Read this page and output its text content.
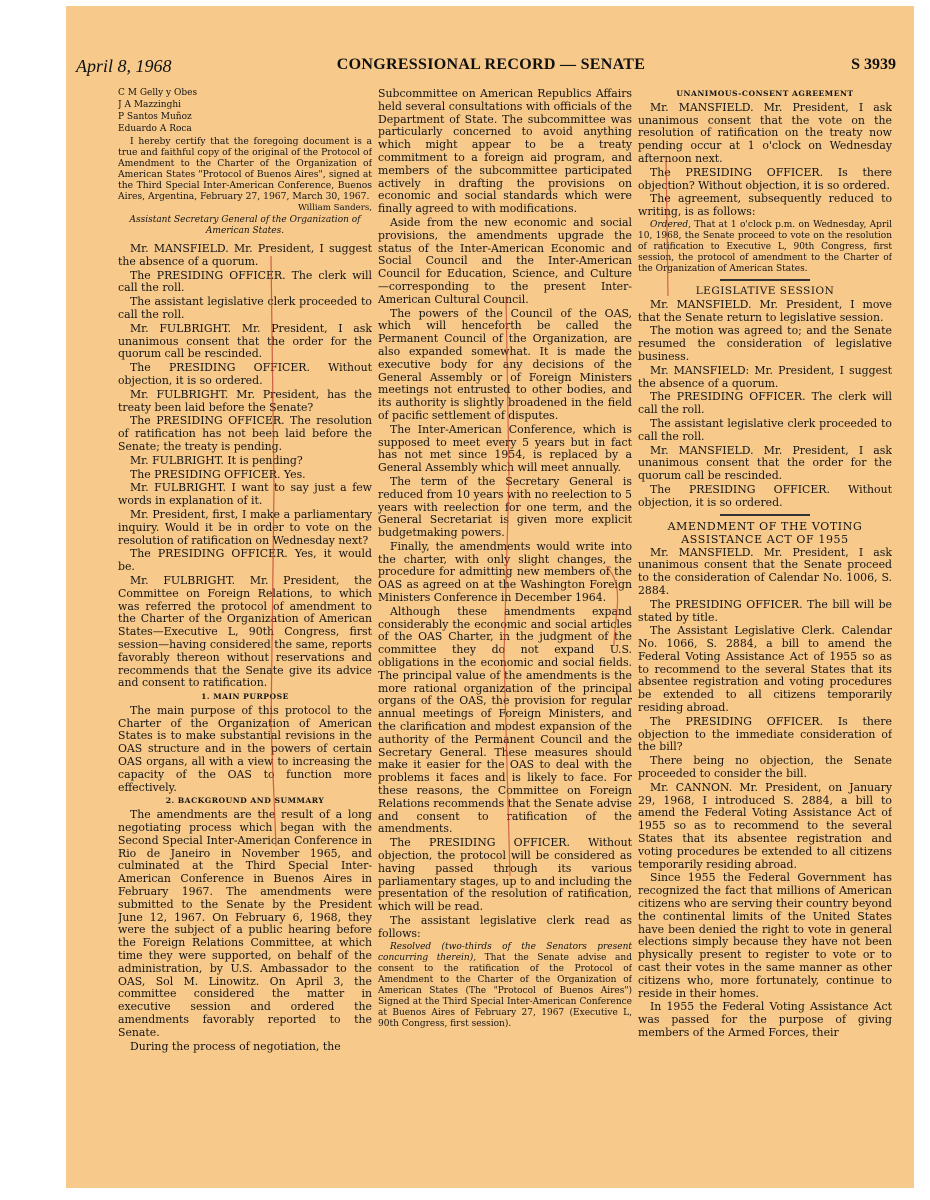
April 8, 1968	CONGRESSIONAL RECORD — SENATE	S 3939

C M Gelly y Obes

J A Mazzinghi

P Santos Muñoz

Eduardo A Roca

I hereby certify that the foregoing document is a true and faithful copy of the original of the Protocol of Amendment to the Charter of the Organization of American States "Protocol of Buenos Aires", signed at the Third Special Inter-American Conference, Buenos Aires, Argentina, February 27, 1967, March 30, 1967.

William Sanders,

Assistant Secretary General of the Organization of American States.

Mr. MANSFIELD. Mr. President, I suggest the absence of a quorum.

The PRESIDING OFFICER. The clerk will call the roll.

The assistant legislative clerk proceeded to call the roll.

Mr. FULBRIGHT. Mr. President, I ask unanimous consent that the order for the quorum call be rescinded.

The PRESIDING OFFICER. Without objection, it is so ordered.

Mr. FULBRIGHT. Mr. President, has the treaty been laid before the Senate?

The PRESIDING OFFICER. The resolution of ratification has not been laid before the Senate; the treaty is pending.

Mr. FULBRIGHT. It is pending?

The PRESIDING OFFICER. Yes.

Mr. FULBRIGHT. I want to say just a few words in explanation of it.

Mr. President, first, I make a parliamentary inquiry. Would it be in order to vote on the resolution of ratification on Wednesday next?

The PRESIDING OFFICER. Yes, it would be.

Mr. FULBRIGHT. Mr. President, the Committee on Foreign Relations, to which was referred the protocol of amendment to the Charter of the Organization of American States—Executive L, 90th Congress, first session—having considered the same, reports favorably thereon without reservations and recommends that the Senate give its advice and consent to ratification.

1. MAIN PURPOSE

The main purpose of this protocol to the Charter of the Organization of American States is to make substantial revisions in the OAS structure and in the powers of certain OAS organs, all with a view to increasing the capacity of the OAS to function more effectively.

2. BACKGROUND AND SUMMARY

The amendments are the result of a long negotiating process which began with the Second Special Inter-American Conference in Rio de Janeiro in November 1965, and culminated at the Third Special Inter-American Conference in Buenos Aires in February 1967. The amendments were submitted to the Senate by the President June 12, 1967. On February 6, 1968, they were the subject of a public hearing before the Foreign Relations Committee, at which time they were supported, on behalf of the administration, by U.S. Ambassador to the OAS, Sol M. Linowitz. On April 3, the committee considered the matter in executive session and ordered the amendments favorably reported to the Senate.

During the process of negotiation, the

Subcommittee on American Republics Affairs held several consultations with officials of the Department of State. The subcommittee was particularly concerned to avoid anything which might appear to be a treaty commitment to a foreign aid program, and members of the subcommittee participated actively in drafting the provisions on economic and social standards which were finally agreed to with modifications.

Aside from the new economic and social provisions, the amendments upgrade the status of the Inter-American Economic and Social Council and the Inter-American Council for Education, Science, and Culture—corresponding to the present Inter-American Cultural Council.

The powers of the Council of the OAS, which will henceforth be called the Permanent Council of the Organization, are also expanded somewhat. It is made the executive body for any decisions of the General Assembly or of Foreign Ministers meetings not entrusted to other bodies, and its authority is slightly broadened in the field of pacific settlement of disputes.

The Inter-American Conference, which is supposed to meet every 5 years but in fact has not met since 1954, is replaced by a General Assembly which will meet annually.

The term of the Secretary General is reduced from 10 years with no reelection to 5 years with reelection for one term, and the General Secretariat is given more explicit budgetmaking powers.

Finally, the amendments would write into the charter, with only slight changes, the procedure for admitting new members of the OAS as agreed on at the Washington Foreign Ministers Conference in December 1964.

Although these amendments expand considerably the economic and social articles of the OAS Charter, in the judgment of the committee they do not expand U.S. obligations in the economic and social fields. The principal value of the amendments is the more rational organization of the principal organs of the OAS, the provision for regular annual meetings of Foreign Ministers, and the clarification and modest expansion of the authority of the Permanent Council and the Secretary General. These measures should make it easier for the OAS to deal with the problems it faces and is likely to face. For these reasons, the Committee on Foreign Relations recommends that the Senate advise and consent to ratification of the amendments.

The PRESIDING OFFICER. Without objection, the protocol will be considered as having passed through its various parliamentary stages, up to and including the presentation of the resolution of ratification, which will be read.

The assistant legislative clerk read as follows:

Resolved (two-thirds of the Senators present concurring therein), That the Senate advise and consent to the ratification of the Protocol of Amendment to the Charter of the Organization of American States (The "Protocol of Buenos Aires") Signed at the Third Special Inter-American Conference at Buenos Aires of February 27, 1967 (Executive L, 90th Congress, first session).

UNANIMOUS-CONSENT AGREEMENT

Mr. MANSFIELD. Mr. President, I ask unanimous consent that the vote on the resolution of ratification on the treaty now pending occur at 1 o'clock on Wednesday afternoon next.

The PRESIDING OFFICER. Is there objection? Without objection, it is so ordered.

The agreement, subsequently reduced to writing, is as follows:

Ordered, That at 1 o'clock p.m. on Wednesday, April 10, 1968, the Senate proceed to vote on the resolution of ratification to Executive L, 90th Congress, first session, the protocol of amendment to the Charter of the Organization of American States.

LEGISLATIVE SESSION

Mr. MANSFIELD. Mr. President, I move that the Senate return to legislative session.

The motion was agreed to; and the Senate resumed the consideration of legislative business.

Mr. MANSFIELD: Mr. President, I suggest the absence of a quorum.

The PRESIDING OFFICER. The clerk will call the roll.

The assistant legislative clerk proceeded to call the roll.

Mr. MANSFIELD. Mr. President, I ask unanimous consent that the order for the quorum call be rescinded.

The PRESIDING OFFICER. Without objection, it is so ordered.

AMENDMENT OF THE VOTING ASSISTANCE ACT OF 1955

Mr. MANSFIELD. Mr. President, I ask unanimous consent that the Senate proceed to the consideration of Calendar No. 1006, S. 2884.

The PRESIDING OFFICER. The bill will be stated by title.

The Assistant Legislative Clerk. Calendar No. 1066, S. 2884, a bill to amend the Federal Voting Assistance Act of 1955 so as to recommend to the several States that its absentee registration and voting procedures be extended to all citizens temporarily residing abroad.

The PRESIDING OFFICER. Is there objection to the immediate consideration of the bill?

There being no objection, the Senate proceeded to consider the bill.

Mr. CANNON. Mr. President, on January 29, 1968, I introduced S. 2884, a bill to amend the Federal Voting Assistance Act of 1955 so as to recommend to the several States that its absentee registration and voting procedures be extended to all citizens temporarily residing abroad.

Since 1955 the Federal Government has recognized the fact that millions of American citizens who are serving their country beyond the continental limits of the United States have been denied the right to vote in general elections simply because they have not been physically present to register to vote or to cast their votes in the same manner as other citizens who, more fortunately, continue to reside in their homes.

In 1955 the Federal Voting Assistance Act was passed for the purpose of giving members of the Armed Forces, their
